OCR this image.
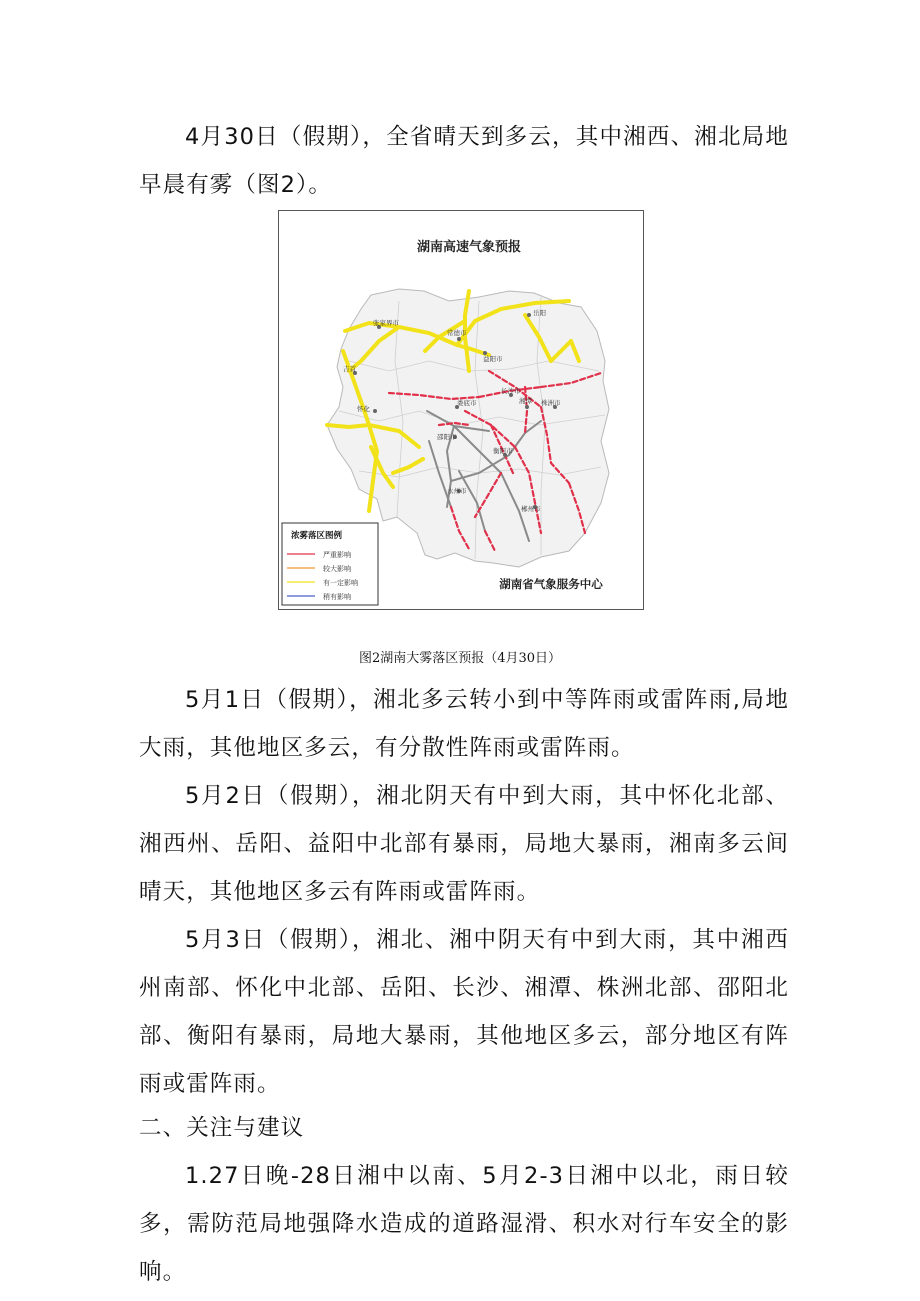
4月30日（假期），全省晴天到多云，其中湘西、湘北局地早晨有雾（图2）。

湖南高速气象预报
张家界市
常德市
岳阳
益阳市
吉首
怀化
娄底市
长沙市
湘潭 株洲市
邵阳市
衡阳市
永州市
郴州市
浓雾落区图例
严重影响
较大影响
有一定影响
稍有影响
湖南省气象服务中心
图2湖南大雾落区预报（4月30日）

5月1日（假期），湘北多云转小到中等阵雨或雷阵雨,局地大雨，其他地区多云，有分散性阵雨或雷阵雨。

5月2日（假期），湘北阴天有中到大雨，其中怀化北部、湘西州、岳阳、益阳中北部有暴雨，局地大暴雨，湘南多云间晴天，其他地区多云有阵雨或雷阵雨。

5月3日（假期），湘北、湘中阴天有中到大雨，其中湘西州南部、怀化中北部、岳阳、长沙、湘潭、株洲北部、邵阳北部、衡阳有暴雨，局地大暴雨，其他地区多云，部分地区有阵雨或雷阵雨。

二、关注与建议

1.27日晚-28日湘中以南、5月2-3日湘中以北，雨日较多，需防范局地强降水造成的道路湿滑、积水对行车安全的影响。
